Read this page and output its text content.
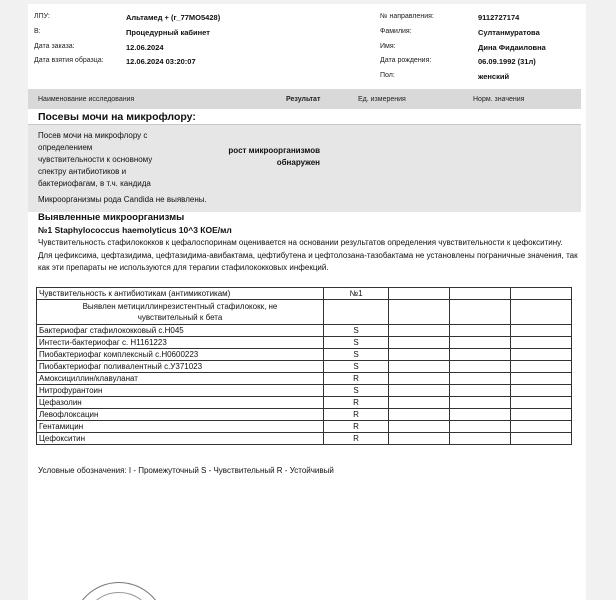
ЛПУ:	Альтамед + (r_77MO5428)
В:	Процедурный кабинет
Дата заказа:	12.06.2024
Дата взятия образца:	12.06.2024 03:20:07
№ направления:	9112727174
Фамилия:	Султанмуратова
Имя:	Дина Фидаиловна
Дата рождения:	06.09.1992 (31л)
Пол:	женский
Наименование исследования	Результат	Ед. измерения	Норм. значения
Посевы мочи на микрофлору:
Посев мочи на микрофлору с
определением
чувствительности к основному
спектру антибиотиков и
бактериофагам, в т.ч. кандида
рост микроорганизмов
обнаружен
Микроорганизмы рода Candida не выявлены.
Выявленные микроорганизмы
№1 Staphylococcus haemolyticus 10^3 КОЕ/мл
Чувствительность стафилококков к цефалоспоринам оценивается на основании результатов определения чувствительности к цефокситину. Для цефиксима, цефтазидима, цефтазидима-авибактама, цефтибутена и цефтолозана-тазобактама не установлены пограничные значения, так как эти препараты не используются для терапии стафилококковых инфекций.
Чувствительность к антибиотикам (антимикотикам)	№1			

Выявлен метициллинрезистентный стафилококк, не
чувствительный к бета				

Бактериофаг стафилококковый с.Н045	S			
Интести-бактериофаг с. Н1161223	S			
Пиобактериофаг комплексный с.Н0600223	S			
Пиобактериофаг поливалентный с.У371023	S			
Амоксициллин/клавуланат	R			
Нитрофурантоин	S			
Цефазолин	R			
Левофлоксацин	R			
Гентамицин	R			
Цефокситин	R			
Условные обозначения: I - Промежуточный S - Чувствительный R - Устойчивый
